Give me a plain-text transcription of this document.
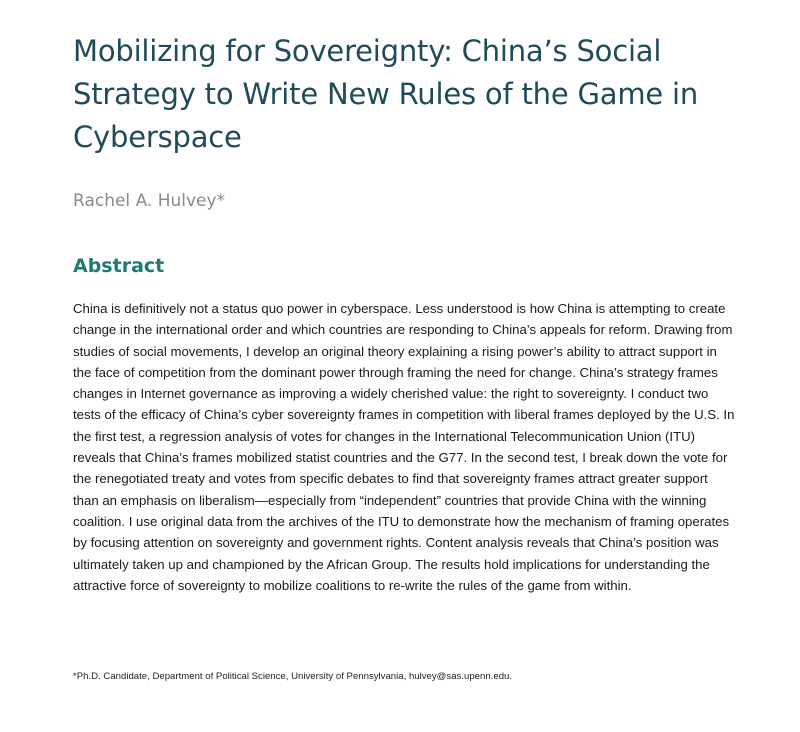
Mobilizing for Sovereignty: China’s Social Strategy to Write New Rules of the Game in Cyberspace

Rachel A. Hulvey*

Abstract

China is definitively not a status quo power in cyberspace. Less understood is how China is attempting to create change in the international order and which countries are responding to China’s appeals for reform. Drawing from studies of social movements, I develop an original theory explaining a rising power’s ability to attract support in the face of competition from the dominant power through framing the need for change. China’s strategy frames changes in Internet governance as improving a widely cherished value: the right to sovereignty. I conduct two tests of the efficacy of China’s cyber sovereignty frames in competition with liberal frames deployed by the U.S. In the first test, a regression analysis of votes for changes in the International Telecommunication Union (ITU) reveals that China’s frames mobilized statist countries and the G77. In the second test, I break down the vote for the renegotiated treaty and votes from specific debates to find that sovereignty frames attract greater support than an emphasis on liberalism—especially from “independent” countries that provide China with the winning coalition. I use original data from the archives of the ITU to demonstrate how the mechanism of framing operates by focusing attention on sovereignty and government rights. Content analysis reveals that China’s position was ultimately taken up and championed by the African Group. The results hold implications for understanding the attractive force of sovereignty to mobilize coalitions to re-write the rules of the game from within.

*Ph.D. Candidate, Department of Political Science, University of Pennsylvania, hulvey@sas.upenn.edu.
